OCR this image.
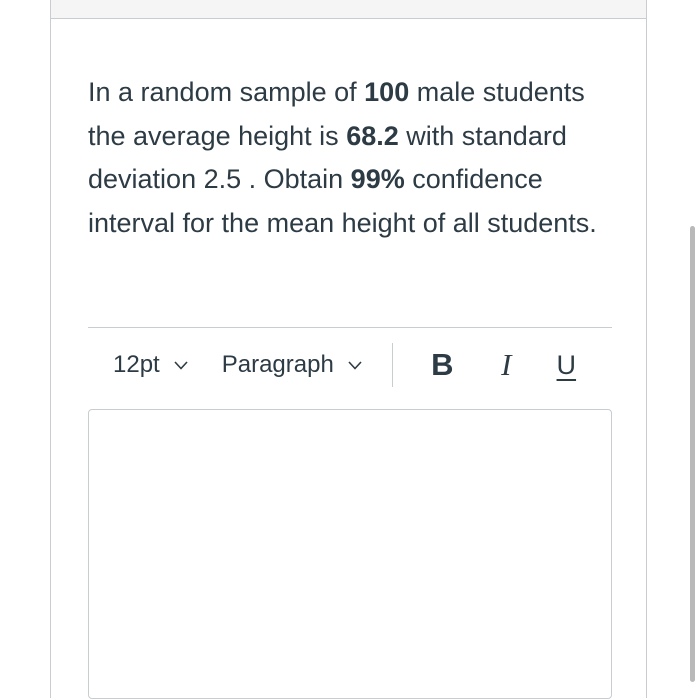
In a random sample of 100 male students the average height is 68.2 with standard deviation 2.5 . Obtain 99% confidence interval for the mean height of all students.
12pt	Paragraph	B	I	U
